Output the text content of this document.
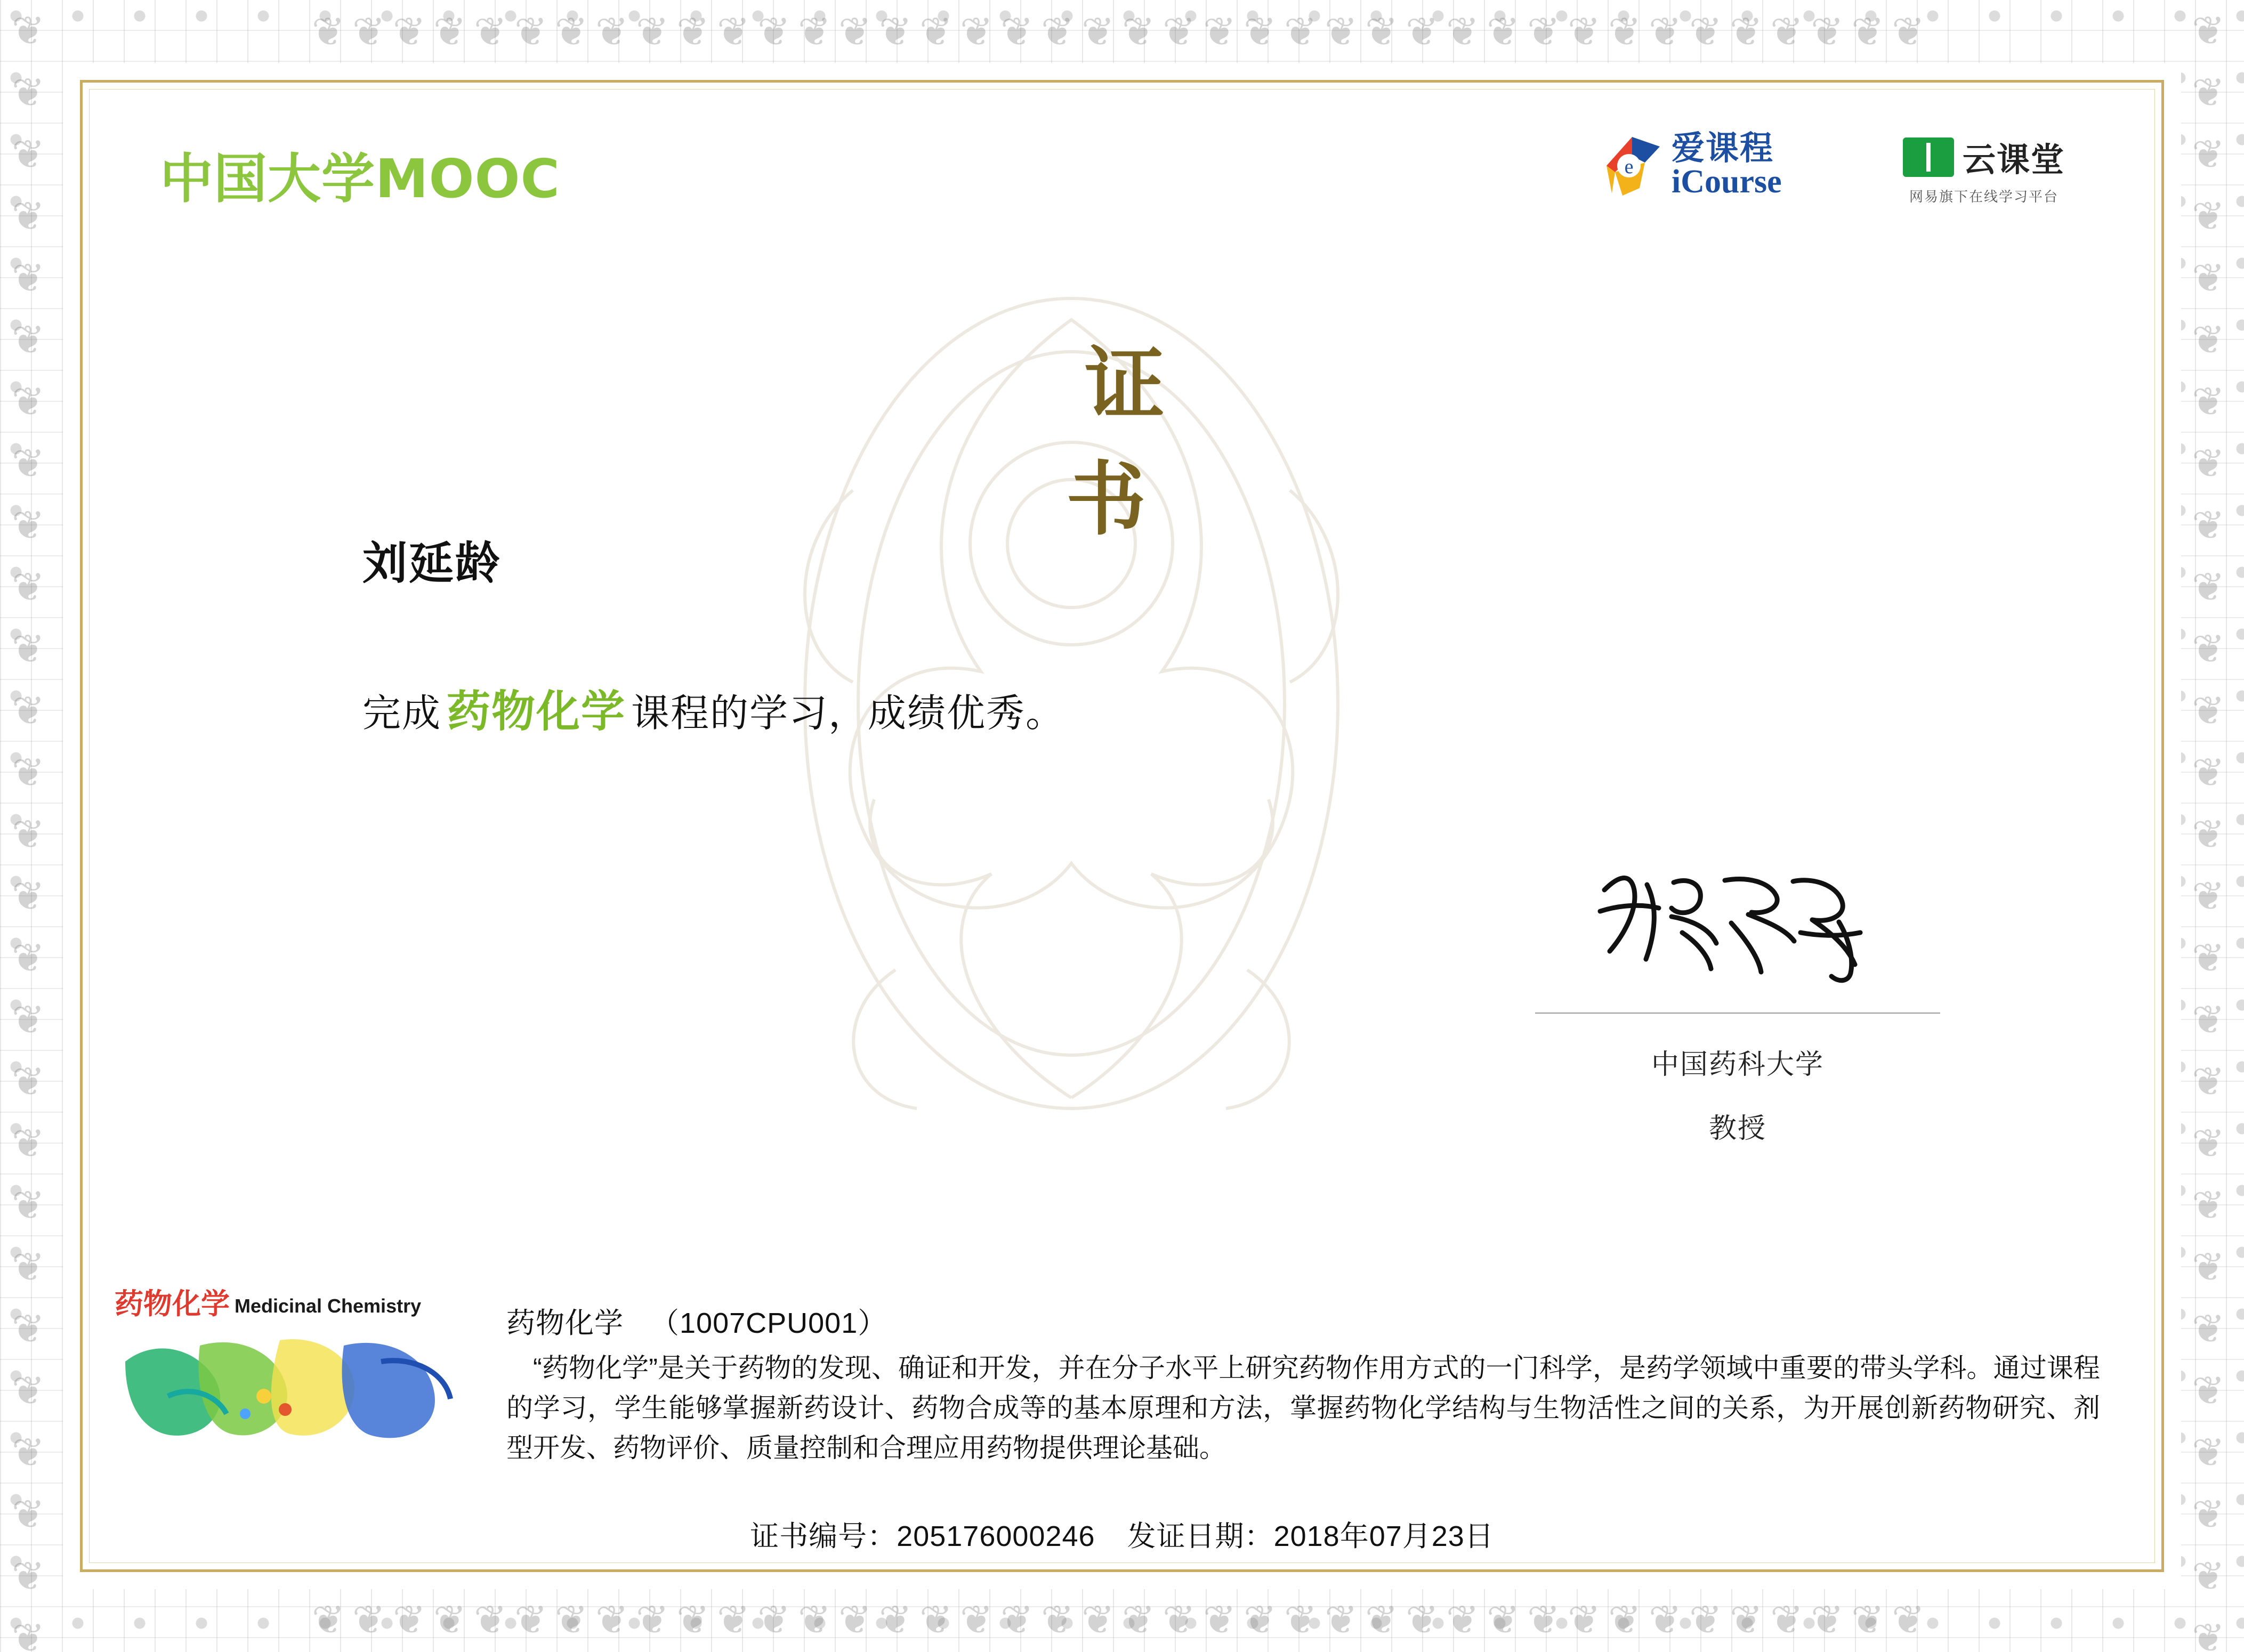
❦❦❦❦❦❦❦❦❦❦❦❦❦❦❦❦❦❦❦❦❦❦❦❦❦❦❦❦❦❦❦❦❦❦❦❦❦❦❦❦
❦❦❦❦❦❦❦❦❦❦❦❦❦❦❦❦❦❦❦❦❦❦❦❦❦❦❦❦❦❦❦❦❦❦❦❦❦❦❦❦
❦
❦
❦
❦
❦
❦
❦
❦
❦
❦
❦
❦
❦
❦
❦
❦
❦
❦
❦
❦
❦
❦
❦
❦
❦
❦
❦
❦
❦
❦
❦
❦
❦
❦
❦
❦
❦
❦
❦
❦
❦
❦
❦
❦
❦
❦
❦
❦
❦
❦
❦
❦
❦
❦
中国大学MOOC	e 爱课程
iCourse
云课堂
网易旗下在线学习平台
证　书
刘延龄
完成 药物化学 课程的学习，成绩优秀。
中国药科大学
教授
药物化学 Medicinal Chemistry
药物化学 （1007CPU001）
“药物化学”是关于药物的发现、确证和开发，并在分子水平上研究药物作用方式的一门科学，是药学领域中重要的带头学科。通过课程的学习，学生能够掌握新药设计、药物合成等的基本原理和方法，掌握药物化学结构与生物活性之间的关系，为开展创新药物研究、剂型开发、药物评价、质量控制和合理应用药物提供理论基础。
证书编号：205176000246 发证日期：2018年07月23日
